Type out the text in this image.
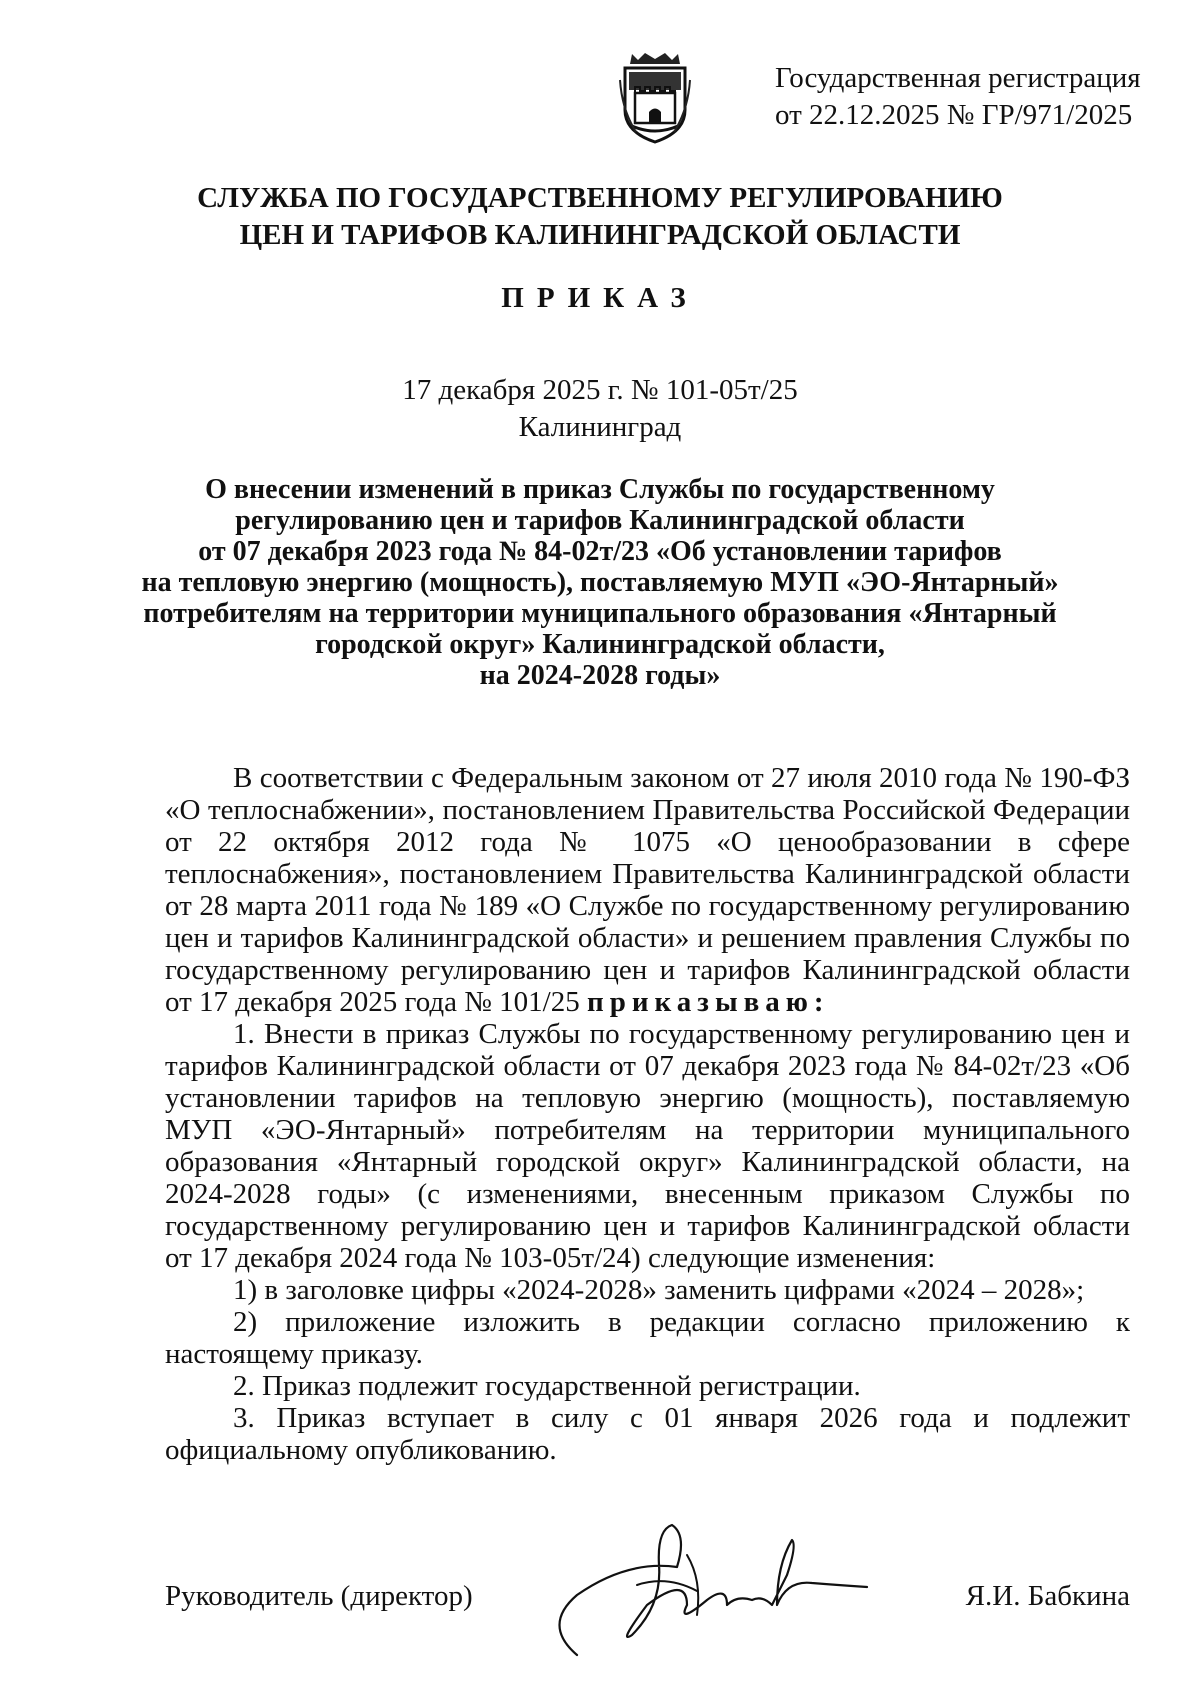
Государственная регистрация
от 22.12.2025 № ГР/971/2025
СЛУЖБА ПО ГОСУДАРСТВЕННОМУ РЕГУЛИРОВАНИЮ
ЦЕН И ТАРИФОВ КАЛИНИНГРАДСКОЙ ОБЛАСТИ
ПРИКАЗ
17 декабря 2025 г. № 101-05т/25
Калининград
О внесении изменений в приказ Службы по государственному
регулированию цен и тарифов Калининградской области
от 07 декабря 2023 года № 84-02т/23 «Об установлении тарифов
на тепловую энергию (мощность), поставляемую МУП «ЭО-Янтарный»
потребителям на территории муниципального образования «Янтарный
городской округ» Калининградской области,
на 2024-2028 годы»

В соответствии с Федеральным законом от 27 июля 2010 года № 190-ФЗ «О теплоснабжении», постановлением Правительства Российской Федерации от 22 октября 2012 года № 1075 «О ценообразовании в сфере теплоснабжения», постановлением Правительства Калининградской области от 28 марта 2011 года № 189 «О Службе по государственному регулированию цен и тарифов Калининградской области» и решением правления Службы по государственному регулированию цен и тарифов Калининградской области от 17 декабря 2025 года № 101/25 приказываю:

1. Внести в приказ Службы по государственному регулированию цен и тарифов Калининградской области от 07 декабря 2023 года № 84-02т/23 «Об установлении тарифов на тепловую энергию (мощность), поставляемую МУП «ЭО-Янтарный» потребителям на территории муниципального образования «Янтарный городской округ» Калининградской области, на 2024-2028 годы» (с изменениями, внесенным приказом Службы по государственному регулированию цен и тарифов Калининградской области от 17 декабря 2024 года № 103-05т/24) следующие изменения:

1) в заголовке цифры «2024-2028» заменить цифрами «2024 – 2028»;

2) приложение изложить в редакции согласно приложению к настоящему приказу.

2. Приказ подлежит государственной регистрации.

3. Приказ вступает в силу с 01 января 2026 года и подлежит официальному опубликованию.

Руководитель (директор)	Я.И. Бабкина
